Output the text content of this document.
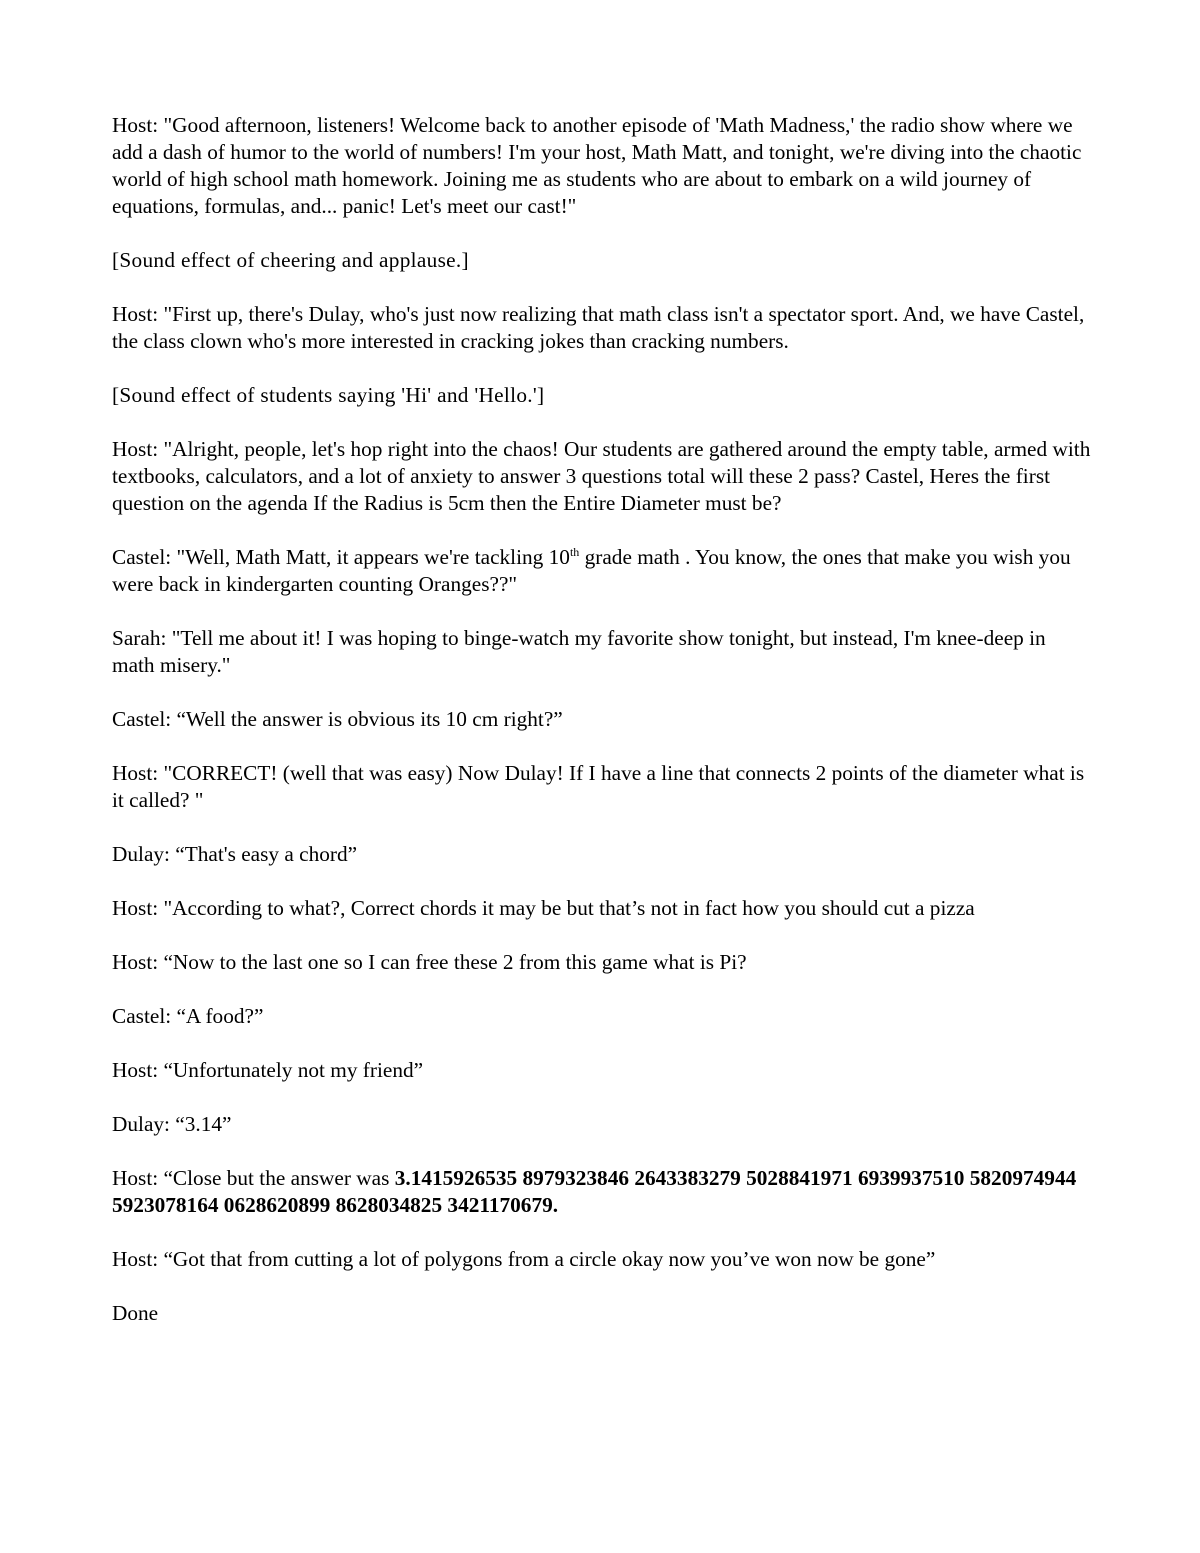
Host: "Good afternoon, listeners! Welcome back to another episode of 'Math Madness,' the radio show where we add a dash of humor to the world of numbers! I'm your host, Math Matt, and tonight, we're diving into the chaotic world of high school math homework. Joining me as students who are about to embark on a wild journey of equations, formulas, and... panic! Let's meet our cast!"

[Sound effect of cheering and applause.]

Host: "First up, there's Dulay, who's just now realizing that math class isn't a spectator sport. And, we have Castel, the class clown who's more interested in cracking jokes than cracking numbers.

[Sound effect of students saying 'Hi' and 'Hello.']

Host: "Alright, people, let's hop right into the chaos! Our students are gathered around the empty table, armed with textbooks, calculators, and a lot of anxiety to answer 3 questions total will these 2 pass? Castel, Heres the first question on the agenda If the Radius is 5cm then the Entire Diameter must be?

Castel: "Well, Math Matt, it appears we're tackling 10th grade math . You know, the ones that make you wish you were back in kindergarten counting Oranges??"

Sarah: "Tell me about it! I was hoping to binge-watch my favorite show tonight, but instead, I'm knee-deep in math misery."

Castel: “Well the answer is obvious its 10 cm right?”

Host: "CORRECT! (well that was easy) Now Dulay! If I have a line that connects 2 points of the diameter what is it called? "

Dulay: “That's easy a chord”

Host: "According to what?, Correct chords it may be but that’s not in fact how you should cut a pizza

Host: “Now to the last one so I can free these 2 from this game what is Pi?

Castel: “A food?”

Host: “Unfortunately not my friend”

Dulay: “3.14”

Host: “Close but the answer was 3.1415926535 8979323846 2643383279 5028841971 6939937510 5820974944 5923078164 0628620899 8628034825 3421170679.

Host: “Got that from cutting a lot of polygons from a circle okay now you’ve won now be gone”

Done
